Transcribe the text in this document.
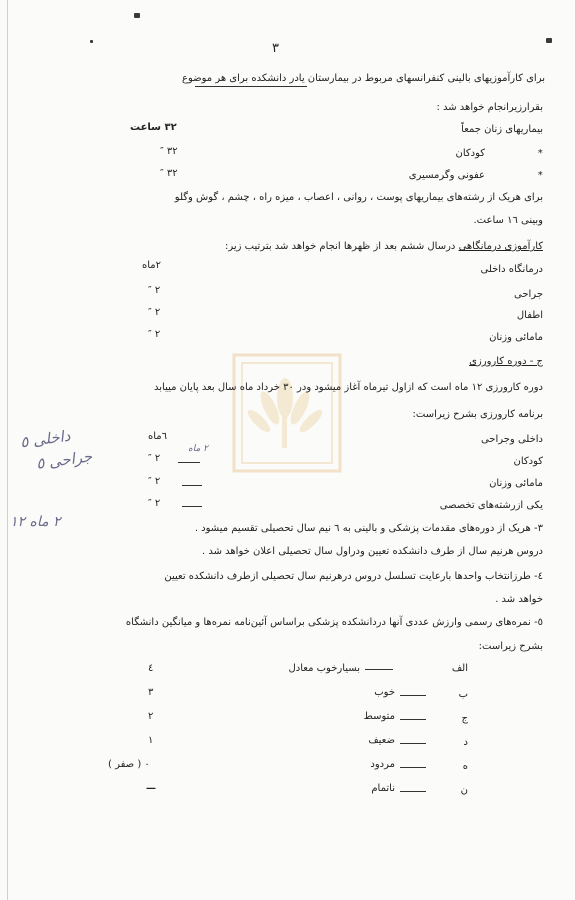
٣
برای کارآموزیهای بالینی کنفرانسهای مربوط در بیمارستان یادر دانشکده برای هر موضوع
بقرارزیرانجام خواهد شد :
بیماریهای زنان جمعاً
٣٢ ساعت
*
کودکان
٣٢ ″
*
عفونی وگرمسیری
٣٢ ″
برای هریک از رشته‌های بیماریهای پوست ، روانی ، اعصاب ، میزه راه ، چشم ، گوش وگلو
وبینی ١٦ ساعت.
کارآموزی درمانگاهی درسال ششم بعد از ظهرها انجام خواهد شد بترتیب زیر:
درمانگاه داخلی
٢ماه
جراحی
٢ ″
اطفال
٢ ″
مامائی وزنان
٢ ″
ج - دوره کارورزی
دوره کارورزی ١٢ ماه است که ازاول تیرماه آغاز میشود ودر ٣٠ خرداد ماه سال بعد پایان مییابد
برنامه کارورزی بشرح زیراست:
داخلی وجراحی
٦ماه
کودکان
٢ ″
مامائی وزنان
٢ ″
یکی ازرشته‌های تخصصی
٢ ″
داخلی ٥
جراحی ٥	٢ ماه
٢ ماه ١٢	٣- هریک از دوره‌های مقدمات پزشکی و بالینی به ٦ نیم سال تحصیلی تقسیم میشود .
دروس هرنیم سال از طرف دانشکده تعیین ودراول سال تحصیلی اعلان خواهد شد .
٤- طرزانتخاب واحدها بارعایت تسلسل دروس درهرنیم سال تحصیلی ازطرف دانشکده تعیین
خواهد شد .
٥- نمره‌های رسمی وارزش عددی آنها دردانشکده پزشکی براساس آئین‌نامه نمره‌ها و میانگین دانشگاه
بشرح زیراست:
الف
بسیارخوب معادل
٤
ب
خوب
٣
ج
متوسط
٢
د
ضعیف
١
ه
مردود
٠ ( صفر )
ن
ناتمام
—
